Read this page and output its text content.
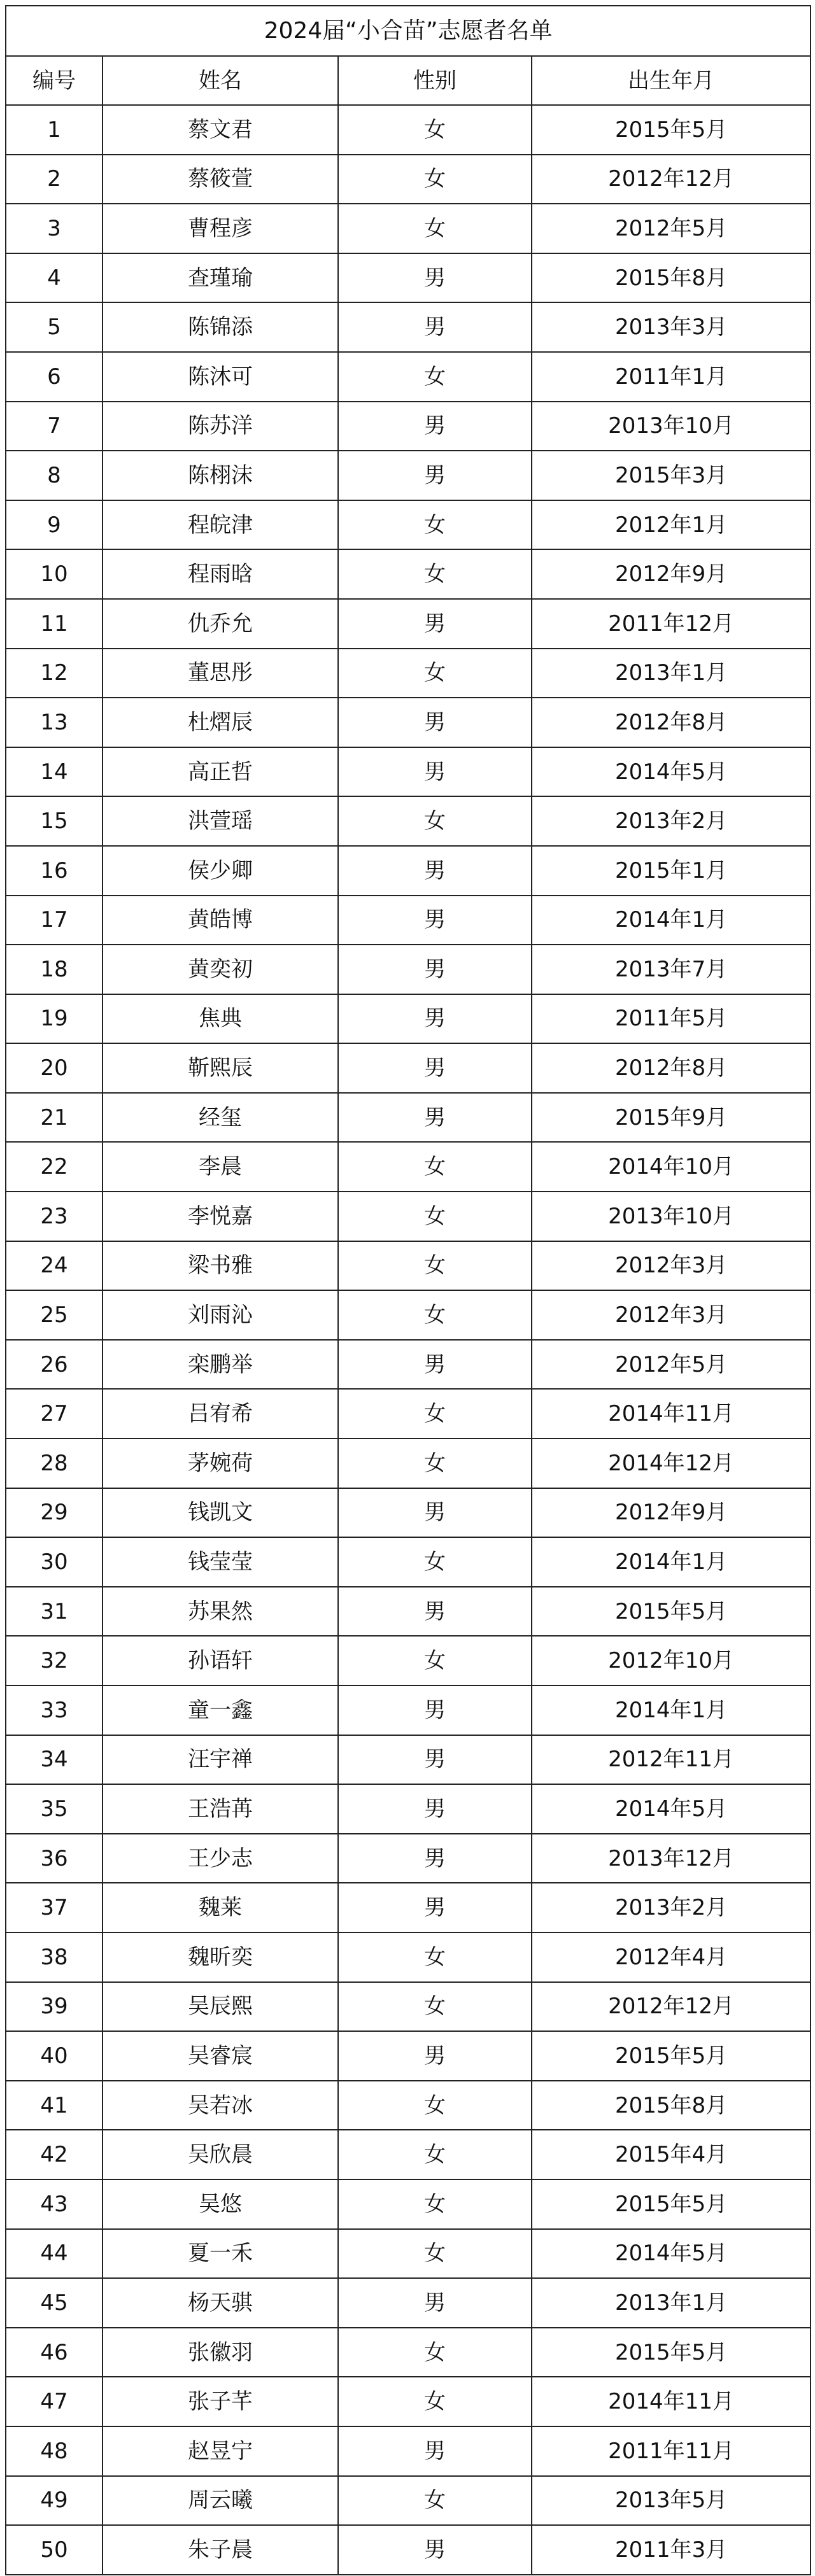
2024届“小合苗”志愿者名单			
编号	姓名	性别	出生年月
1	蔡文君	女	2015年5月
2	蔡筱萱	女	2012年12月
3	曹程彦	女	2012年5月
4	查瑾瑜	男	2015年8月
5	陈锦添	男	2013年3月
6	陈沐可	女	2011年1月
7	陈苏洋	男	2013年10月
8	陈栩沫	男	2015年3月
9	程皖津	女	2012年1月
10	程雨晗	女	2012年9月
11	仇乔允	男	2011年12月
12	董思彤	女	2013年1月
13	杜熠辰	男	2012年8月
14	高正哲	男	2014年5月
15	洪萱瑶	女	2013年2月
16	侯少卿	男	2015年1月
17	黄皓博	男	2014年1月
18	黄奕初	男	2013年7月
19	焦典	男	2011年5月
20	靳熙辰	男	2012年8月
21	经玺	男	2015年9月
22	李晨	女	2014年10月
23	李悦嘉	女	2013年10月
24	梁书雅	女	2012年3月
25	刘雨沁	女	2012年3月
26	栾鹏举	男	2012年5月
27	吕宥希	女	2014年11月
28	茅婉荷	女	2014年12月
29	钱凯文	男	2012年9月
30	钱莹莹	女	2014年1月
31	苏果然	男	2015年5月
32	孙语轩	女	2012年10月
33	童一鑫	男	2014年1月
34	汪宇禅	男	2012年11月
35	王浩苒	男	2014年5月
36	王少志	男	2013年12月
37	魏莱	男	2013年2月
38	魏昕奕	女	2012年4月
39	吴辰熙	女	2012年12月
40	吴睿宸	男	2015年5月
41	吴若冰	女	2015年8月
42	吴欣晨	女	2015年4月
43	吴悠	女	2015年5月
44	夏一禾	女	2014年5月
45	杨天骐	男	2013年1月
46	张徽羽	女	2015年5月
47	张子芊	女	2014年11月
48	赵昱宁	男	2011年11月
49	周云曦	女	2013年5月
50	朱子晨	男	2011年3月
